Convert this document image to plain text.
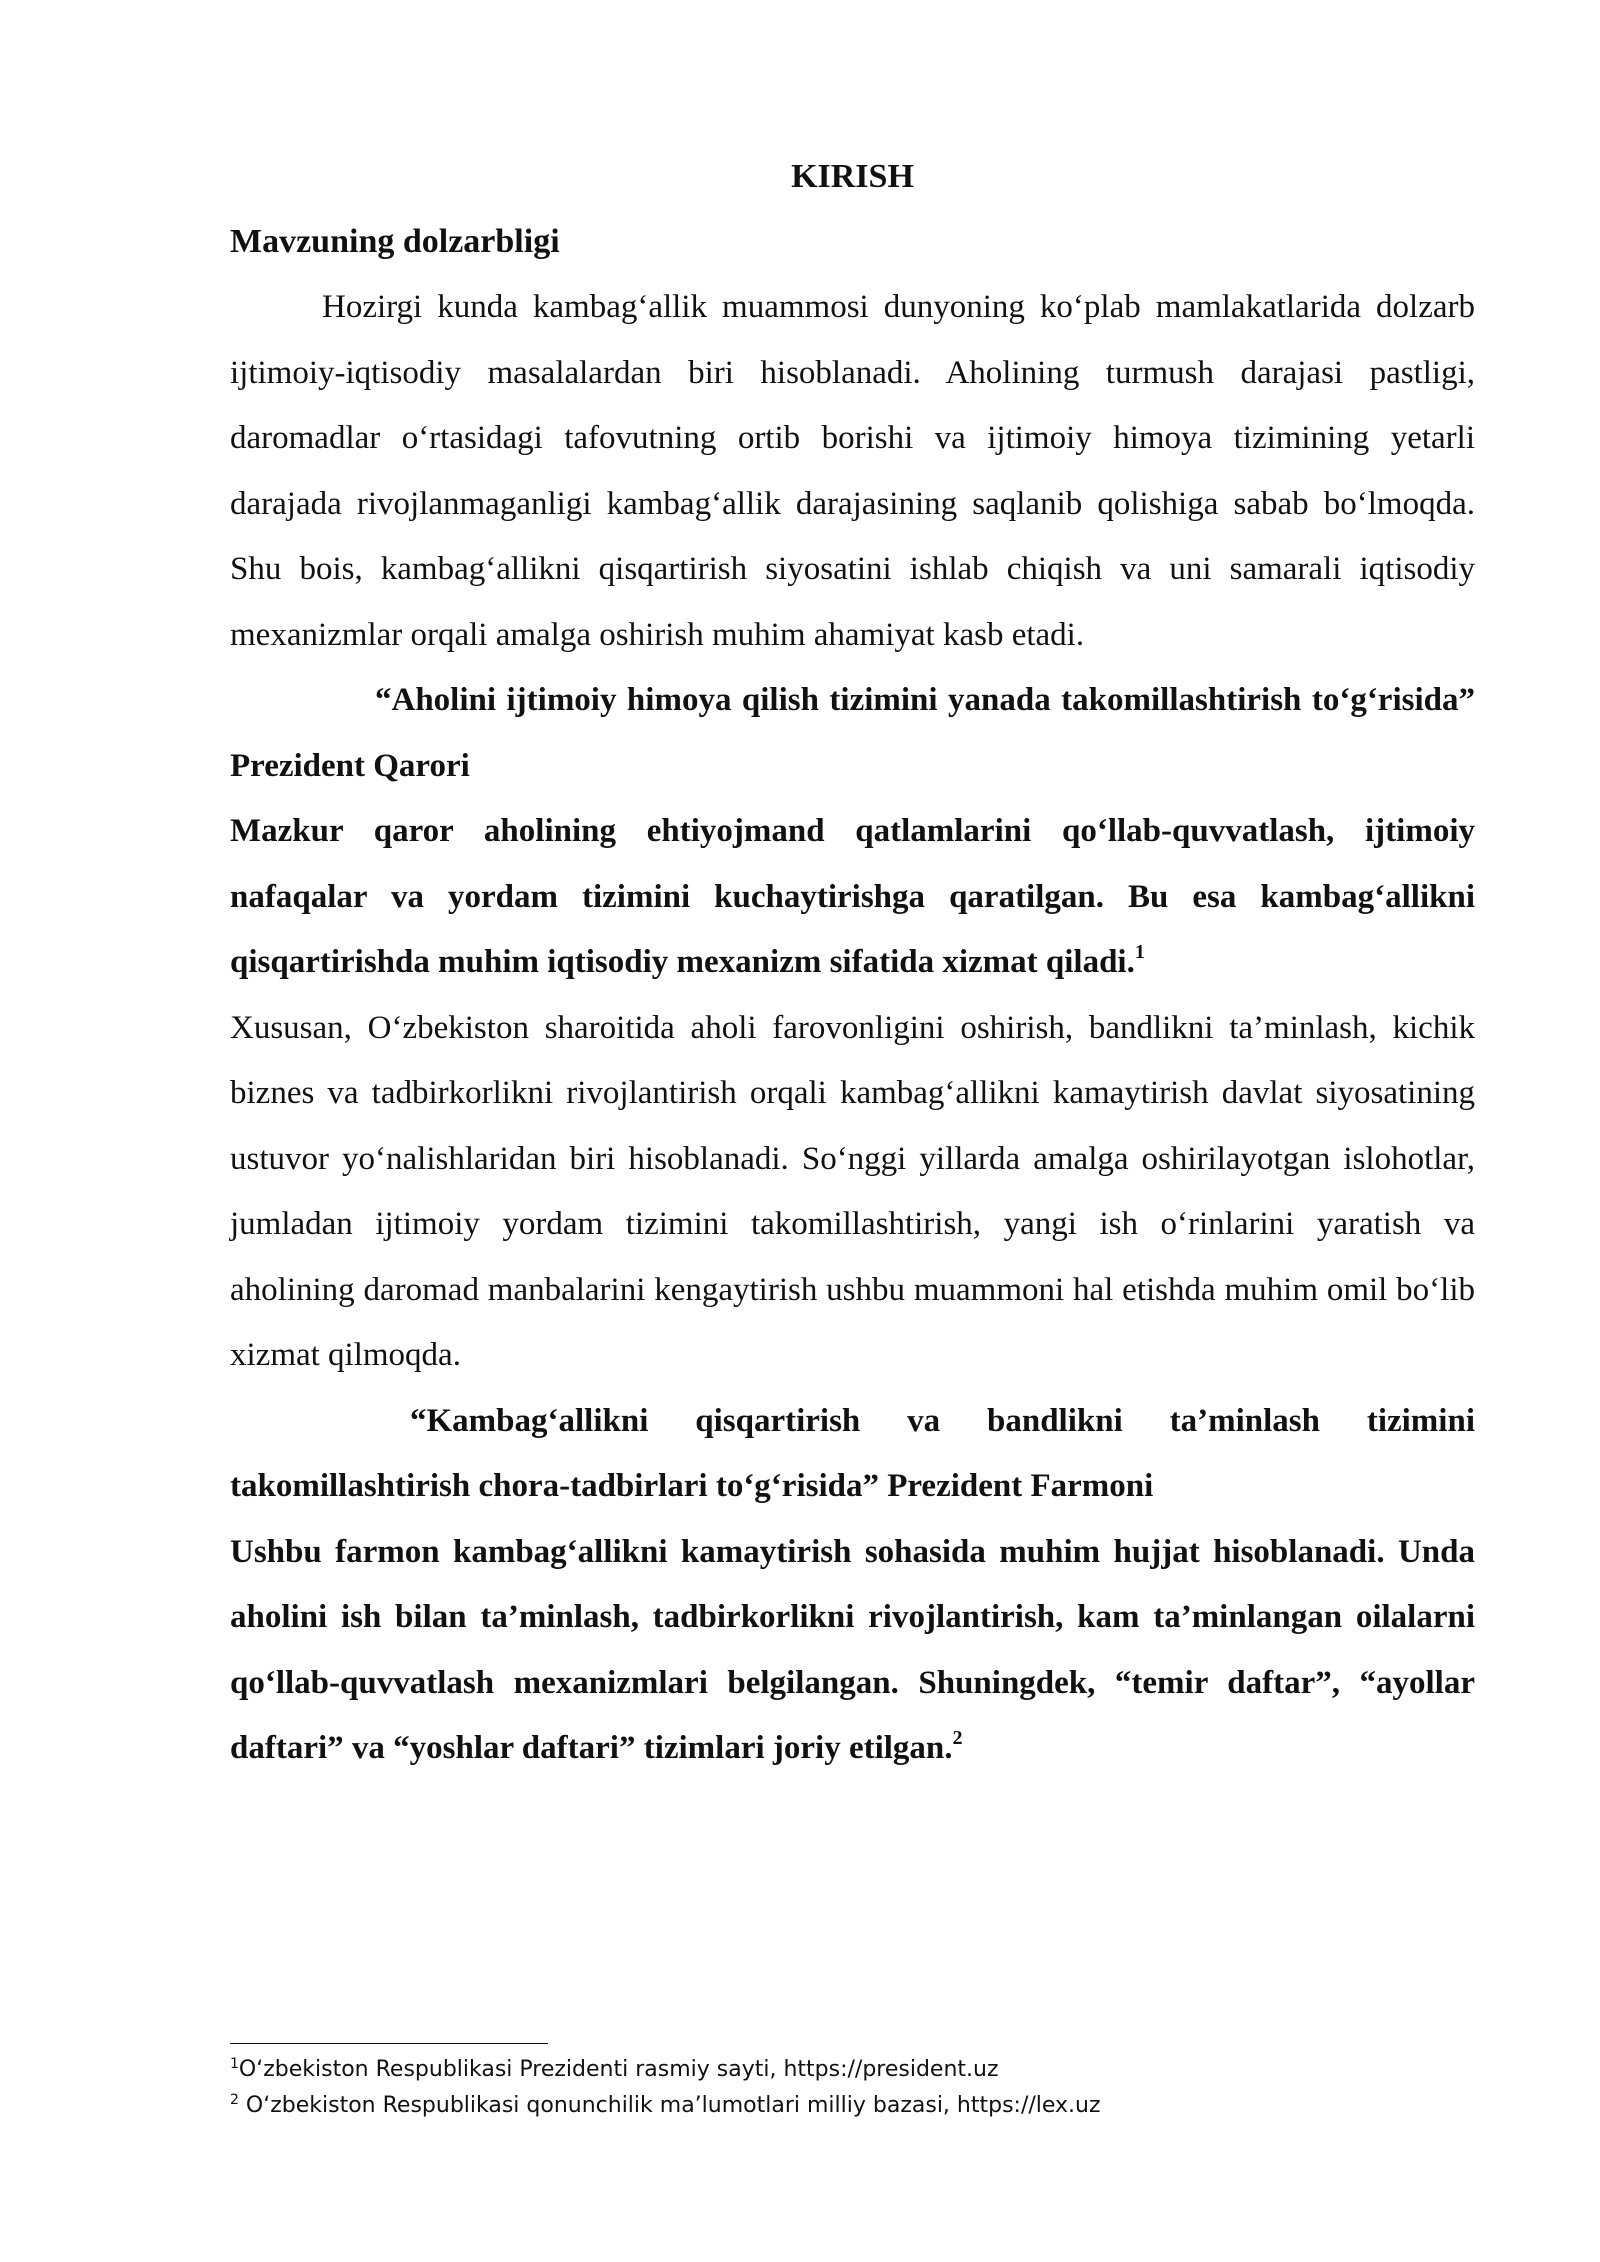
KIRISH
Mavzuning dolzarbligi

Hozirgi kunda kambag‘allik muammosi dunyoning ko‘plab mamlakatlarida dolzarb ijtimoiy-iqtisodiy masalalardan biri hisoblanadi. Aholining turmush darajasi pastligi, daromadlar o‘rtasidagi tafovutning ortib borishi va ijtimoiy himoya tizimining yetarli darajada rivojlanmaganligi kambag‘allik darajasining saqlanib qolishiga sabab bo‘lmoqda. Shu bois, kambag‘allikni qisqartirish siyosatini ishlab chiqish va uni samarali iqtisodiy mexanizmlar orqali amalga oshirish muhim ahamiyat kasb etadi.

“Aholini ijtimoiy himoya qilish tizimini yanada takomillashtirish to‘g‘risida” Prezident Qarori

Mazkur qaror aholining ehtiyojmand qatlamlarini qo‘llab-quvvatlash, ijtimoiy nafaqalar va yordam tizimini kuchaytirishga qaratilgan. Bu esa kambag‘allikni qisqartirishda muhim iqtisodiy mexanizm sifatida xizmat qiladi.$^1$

Xususan, O‘zbekiston sharoitida aholi farovonligini oshirish, bandlikni ta’minlash, kichik biznes va tadbirkorlikni rivojlantirish orqali kambag‘allikni kamaytirish davlat siyosatining ustuvor yo‘nalishlaridan biri hisoblanadi. So‘nggi yillarda amalga oshirilayotgan islohotlar, jumladan ijtimoiy yordam tizimini takomillashtirish, yangi ish o‘rinlarini yaratish va aholining daromad manbalarini kengaytirish ushbu muammoni hal etishda muhim omil bo‘lib xizmat qilmoqda.

“Kambag‘allikni qisqartirish va bandlikni ta’minlash tizimini takomillashtirish chora-tadbirlari to‘g‘risida” Prezident Farmoni

Ushbu farmon kambag‘allikni kamaytirish sohasida muhim hujjat hisoblanadi. Unda aholini ish bilan ta’minlash, tadbirkorlikni rivojlantirish, kam ta’minlangan oilalarni qo‘llab-quvvatlash mexanizmlari belgilangan. Shuningdek, “temir daftar”, “ayollar daftari” va “yoshlar daftari” tizimlari joriy etilgan.$^2$

$^1$O‘zbekiston Respublikasi Prezidenti rasmiy sayti, https://president.uz

$^2$ O‘zbekiston Respublikasi qonunchilik ma’lumotlari milliy bazasi, https://lex.uz
